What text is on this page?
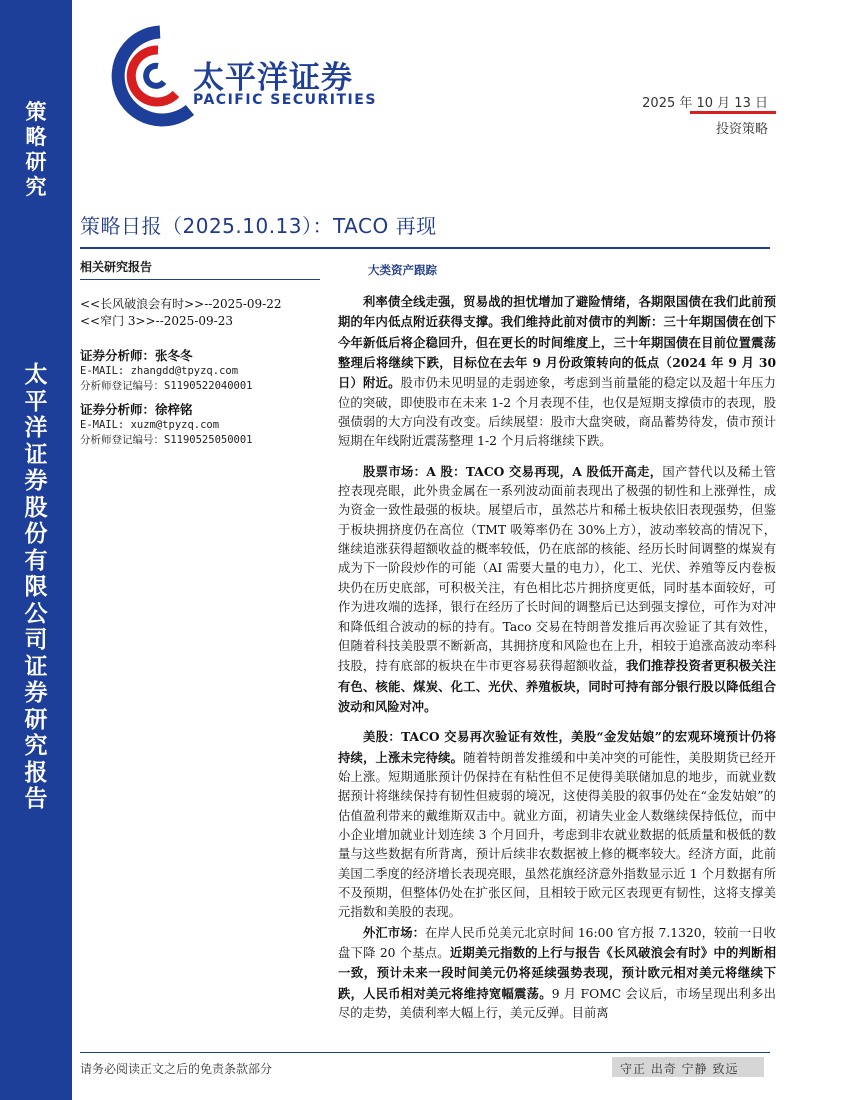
策
略
研
究
太
平
洋
证
券
股
份
有
限
公
司
证
券
研
究
报
告
太平洋证券
PACIFIC SECURITIES	2025 年 10 月 13 日
投资策略
策略日报（2025.10.13）：TACO 再现
相关研究报告
<<长风破浪会有时>>--2025-09-22
<<窄门 3>>--2025-09-23
证券分析师：张冬冬
E-MAIL: zhangdd@tpyzq.com
分析师登记编号：S1190522040001
证券分析师：徐梓铭
E-MAIL: xuzm@tpyzq.com
分析师登记编号：S1190525050001
大类资产跟踪

利率债全线走强，贸易战的担忧增加了避险情绪，各期限国债在我们此前预期的年内低点附近获得支撑。我们维持此前对债市的判断：三十年期国债在创下今年新低后将企稳回升，但在更长的时间维度上，三十年期国债在目前位置震荡整理后将继续下跌，目标位在去年 9 月份政策转向的低点（2024 年 9 月 30 日）附近。股市仍未见明显的走弱迹象，考虑到当前量能的稳定以及超十年压力位的突破，即使股市在未来 1-2 个月表现不佳，也仅是短期支撑债市的表现，股强债弱的大方向没有改变。后续展望：股市大盘突破，商品蓄势待发，债市预计短期在年线附近震荡整理 1-2 个月后将继续下跌。

股票市场：A 股：TACO 交易再现，A 股低开高走，国产替代以及稀土管控表现亮眼，此外贵金属在一系列波动面前表现出了极强的韧性和上涨弹性，成为资金一致性最强的板块。展望后市，虽然芯片和稀土板块依旧表现强势，但鉴于板块拥挤度仍在高位（TMT 吸筹率仍在 30%上方），波动率较高的情况下，继续追涨获得超额收益的概率较低，仍在底部的核能、经历长时间调整的煤炭有成为下一阶段炒作的可能（AI 需要大量的电力），化工、光伏、养殖等反内卷板块仍在历史底部，可积极关注，有色相比芯片拥挤度更低，同时基本面较好，可作为进攻端的选择，银行在经历了长时间的调整后已达到强支撑位，可作为对冲和降低组合波动的标的持有。Taco 交易在特朗普发推后再次验证了其有效性，但随着科技美股票不断新高，其拥挤度和风险也在上升，相较于追涨高波动率科技股，持有底部的板块在牛市更容易获得超额收益，我们推荐投资者更积极关注有色、核能、煤炭、化工、光伏、养殖板块，同时可持有部分银行股以降低组合波动和风险对冲。

美股：TACO 交易再次验证有效性，美股“金发姑娘”的宏观环境预计仍将持续，上涨未完待续。随着特朗普发推缓和中美冲突的可能性，美股期货已经开始上涨。短期通胀预计仍保持在有粘性但不足使得美联储加息的地步，而就业数据预计将继续保持有韧性但疲弱的境况，这使得美股的叙事仍处在“金发姑娘”的估值盈利带来的戴维斯双击中。就业方面，初请失业金人数继续保持低位，而中小企业增加就业计划连续 3 个月回升，考虑到非农就业数据的低质量和极低的数量与这些数据有所背离，预计后续非农数据被上修的概率较大。经济方面，此前美国二季度的经济增长表现亮眼，虽然花旗经济意外指数显示近 1 个月数据有所不及预期，但整体仍处在扩张区间，且相较于欧元区表现更有韧性，这将支撑美元指数和美股的表现。

外汇市场：在岸人民币兑美元北京时间 16:00 官方报 7.1320，较前一日收盘下降 20 个基点。近期美元指数的上行与报告《长风破浪会有时》中的判断相一致，预计未来一段时间美元仍将延续强势表现，预计欧元相对美元将继续下跌，人民币相对美元将维持宽幅震荡。9 月 FOMC 会议后，市场呈现出利多出尽的走势，美债利率大幅上行，美元反弹。目前离

请务必阅读正文之后的免责条款部分	守正 出奇 宁静 致远
